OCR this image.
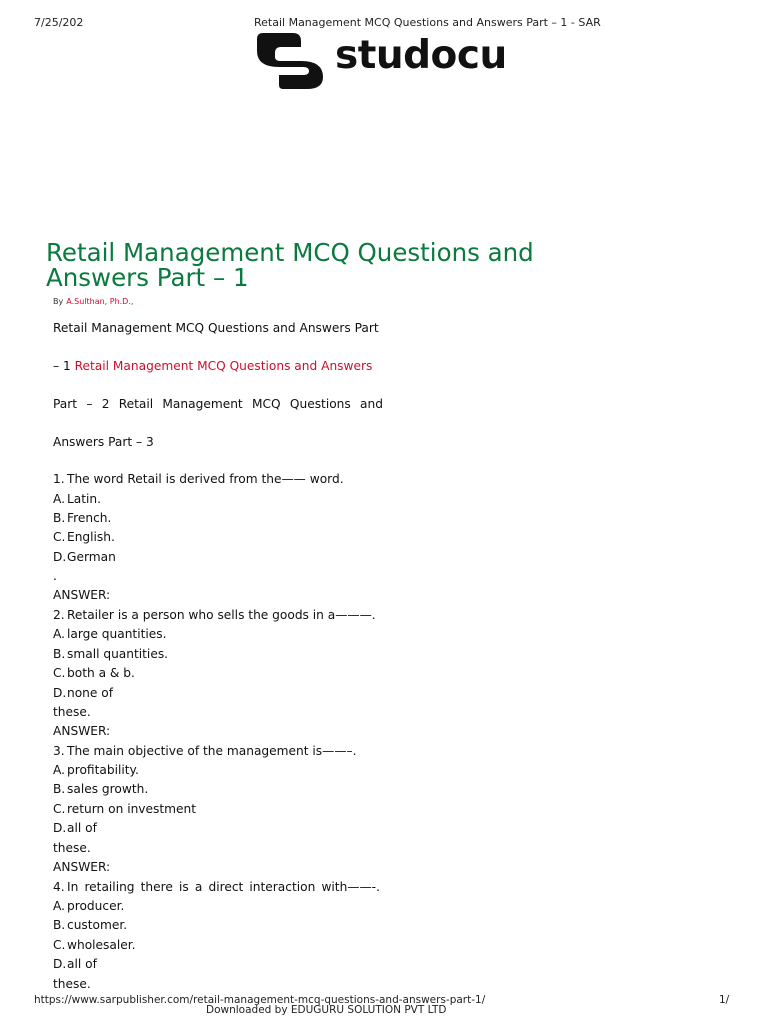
7/25/202	Retail Management MCQ Questions and Answers Part – 1 - SAR
studocu
Retail Management MCQ Questions and
Answers Part – 1
By A.Sulthan, Ph.D.,
Retail Management MCQ Questions and Answers Part
– 1 Retail Management MCQ Questions and Answers
Part – 2 Retail Management MCQ Questions and
Answers Part – 3
1. The word Retail is derived from the—— word.
A. Latin.
B. French.
C. English.
D.German
.
ANSWER:
2. Retailer is a person who sells the goods in a———.
A. large quantities.
B. small quantities.
C. both a & b.
D.none of
these.
ANSWER:
3. The main objective of the management is——–.
A. profitability.
B. sales growth.
C. return on investment
D.all of
these.
ANSWER:
4. In retailing there is a direct interaction with——-.
A. producer.
B. customer.
C. wholesaler.
D.all of
these.
https://www.sarpublisher.com/retail-management-mcq-questions-and-answers-part-1/	1/
Downloaded by EDUGURU SOLUTION PVT LTD
